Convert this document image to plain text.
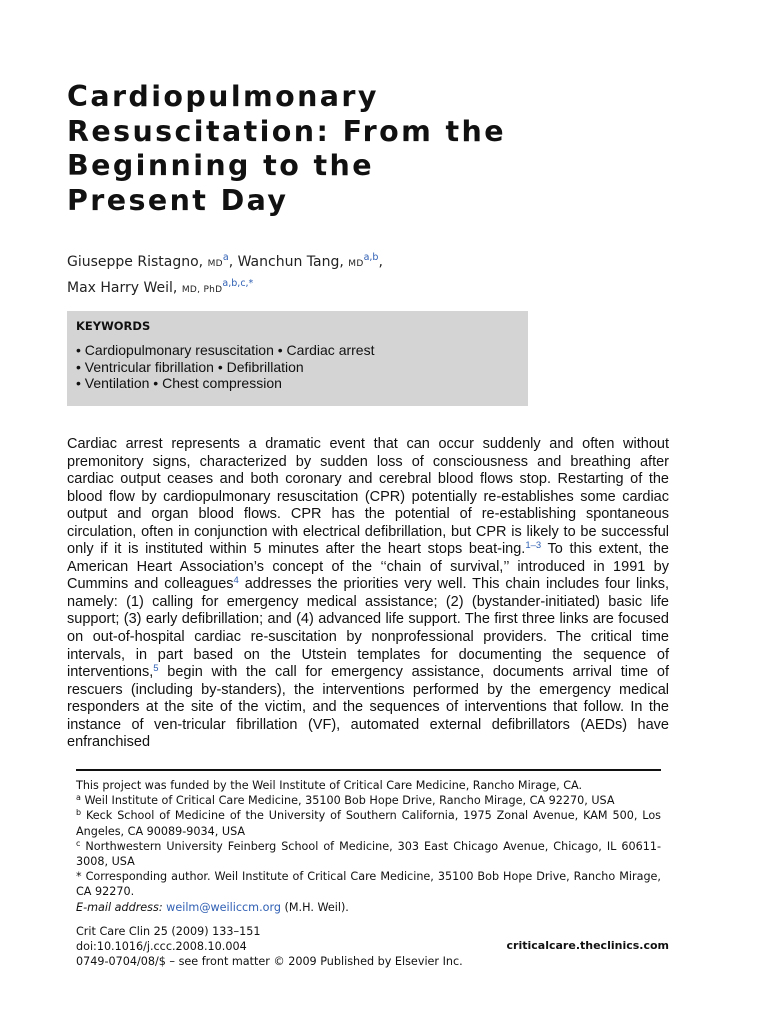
Cardiopulmonary
Resuscitation: From the
Beginning to the
Present Day
Giuseppe Ristagno, MD$^a$, Wanchun Tang, MD$^{a,b}$,
Max Harry Weil, MD, PhD$^{a,b,c,*}$
KEYWORDS
• Cardiopulmonary resuscitation • Cardiac arrest
• Ventricular fibrillation • Defibrillation
• Ventilation • Chest compression

Cardiac arrest represents a dramatic event that can occur suddenly and often without premonitory signs, characterized by sudden loss of consciousness and breathing after cardiac output ceases and both coronary and cerebral blood flows stop. Restarting of the blood flow by cardiopulmonary resuscitation (CPR) potentially re-establishes some cardiac output and organ blood flows. CPR has the potential of re-establishing spontaneous circulation, often in conjunction with electrical defibrillation, but CPR is likely to be successful only if it is instituted within 5 minutes after the heart stops beat-ing.$^{1-3}$ To this extent, the American Heart Association’s concept of the ‘‘chain of survival,’’ introduced in 1991 by Cummins and colleagues$^4$ addresses the priorities very well. This chain includes four links, namely: (1) calling for emergency medical assistance; (2) (bystander-initiated) basic life support; (3) early defibrillation; and (4) advanced life support. The first three links are focused on out-of-hospital cardiac re-suscitation by nonprofessional providers. The critical time intervals, in part based on the Utstein templates for documenting the sequence of interventions,$^5$ begin with the call for emergency assistance, documents arrival time of rescuers (including by-standers), the interventions performed by the emergency medical responders at the site of the victim, and the sequences of interventions that follow. In the instance of ven-tricular fibrillation (VF), automated external defibrillators (AEDs) have enfranchised

This project was funded by the Weil Institute of Critical Care Medicine, Rancho Mirage, CA.

$^a$ Weil Institute of Critical Care Medicine, 35100 Bob Hope Drive, Rancho Mirage, CA 92270, USA

$^b$ Keck School of Medicine of the University of Southern California, 1975 Zonal Avenue, KAM 500, Los Angeles, CA 90089-9034, USA

$^c$ Northwestern University Feinberg School of Medicine, 303 East Chicago Avenue, Chicago, IL 60611-3008, USA

* Corresponding author. Weil Institute of Critical Care Medicine, 35100 Bob Hope Drive, Rancho Mirage, CA 92270.

E-mail address: weilm@weiliccm.org (M.H. Weil).

Crit Care Clin 25 (2009) 133–151
doi:10.1016/j.ccc.2008.10.004
0749-0704/08/$ – see front matter © 2009 Published by Elsevier Inc.
criticalcare.theclinics.com
